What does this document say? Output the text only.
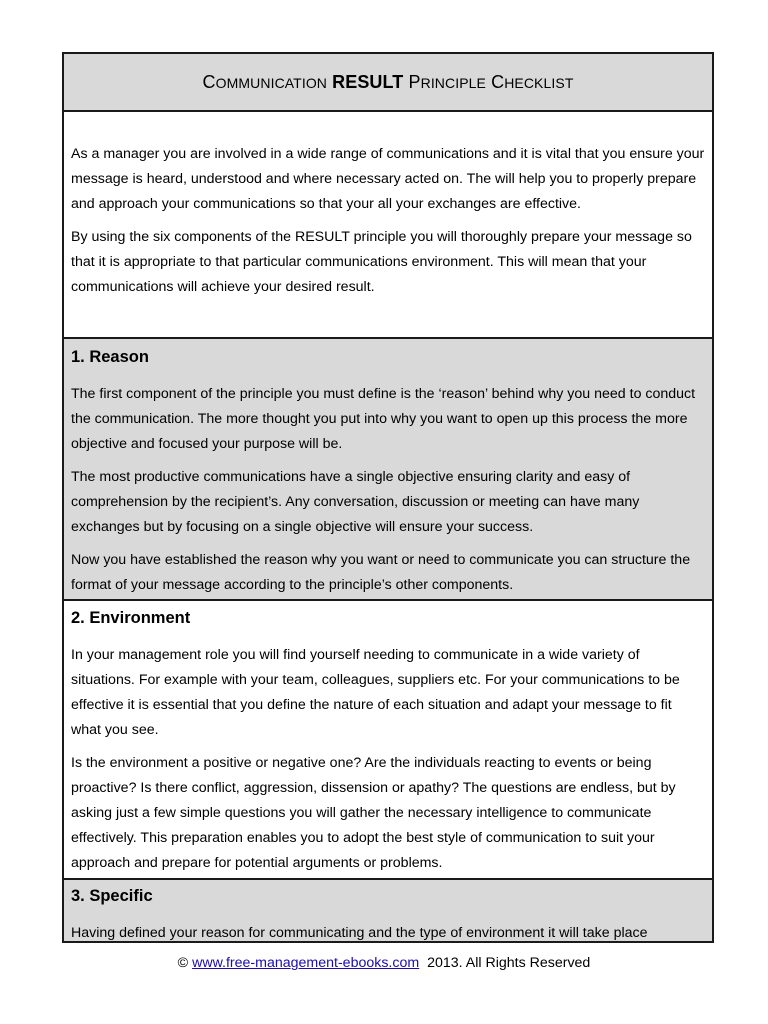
COMMUNICATION RESULT PRINCIPLE CHECKLIST

As a manager you are involved in a wide range of communications and it is vital that you ensure your message is heard, understood and where necessary acted on. The will help you to properly prepare and approach your communications so that your all your exchanges are effective.

By using the six components of the RESULT principle you will thoroughly prepare your message so that it is appropriate to that particular communications environment. This will mean that your communications will achieve your desired result.

1. Reason

The first component of the principle you must define is the ‘reason’ behind why you need to conduct the communication. The more thought you put into why you want to open up this process the more objective and focused your purpose will be.

The most productive communications have a single objective ensuring clarity and easy of comprehension by the recipient’s. Any conversation, discussion or meeting can have many exchanges but by focusing on a single objective will ensure your success.

Now you have established the reason why you want or need to communicate you can structure the format of your message according to the principle’s other components.

2. Environment

In your management role you will find yourself needing to communicate in a wide variety of situations. For example with your team, colleagues, suppliers etc. For your communications to be effective it is essential that you define the nature of each situation and adapt your message to fit what you see.

Is the environment a positive or negative one? Are the individuals reacting to events or being proactive? Is there conflict, aggression, dissension or apathy? The questions are endless, but by asking just a few simple questions you will gather the necessary intelligence to communicate effectively. This preparation enables you to adopt the best style of communication to suit your approach and prepare for potential arguments or problems.

3. Specific

Having defined your reason for communicating and the type of environment it will take place

© www.free-management-ebooks.com 2013. All Rights Reserved
